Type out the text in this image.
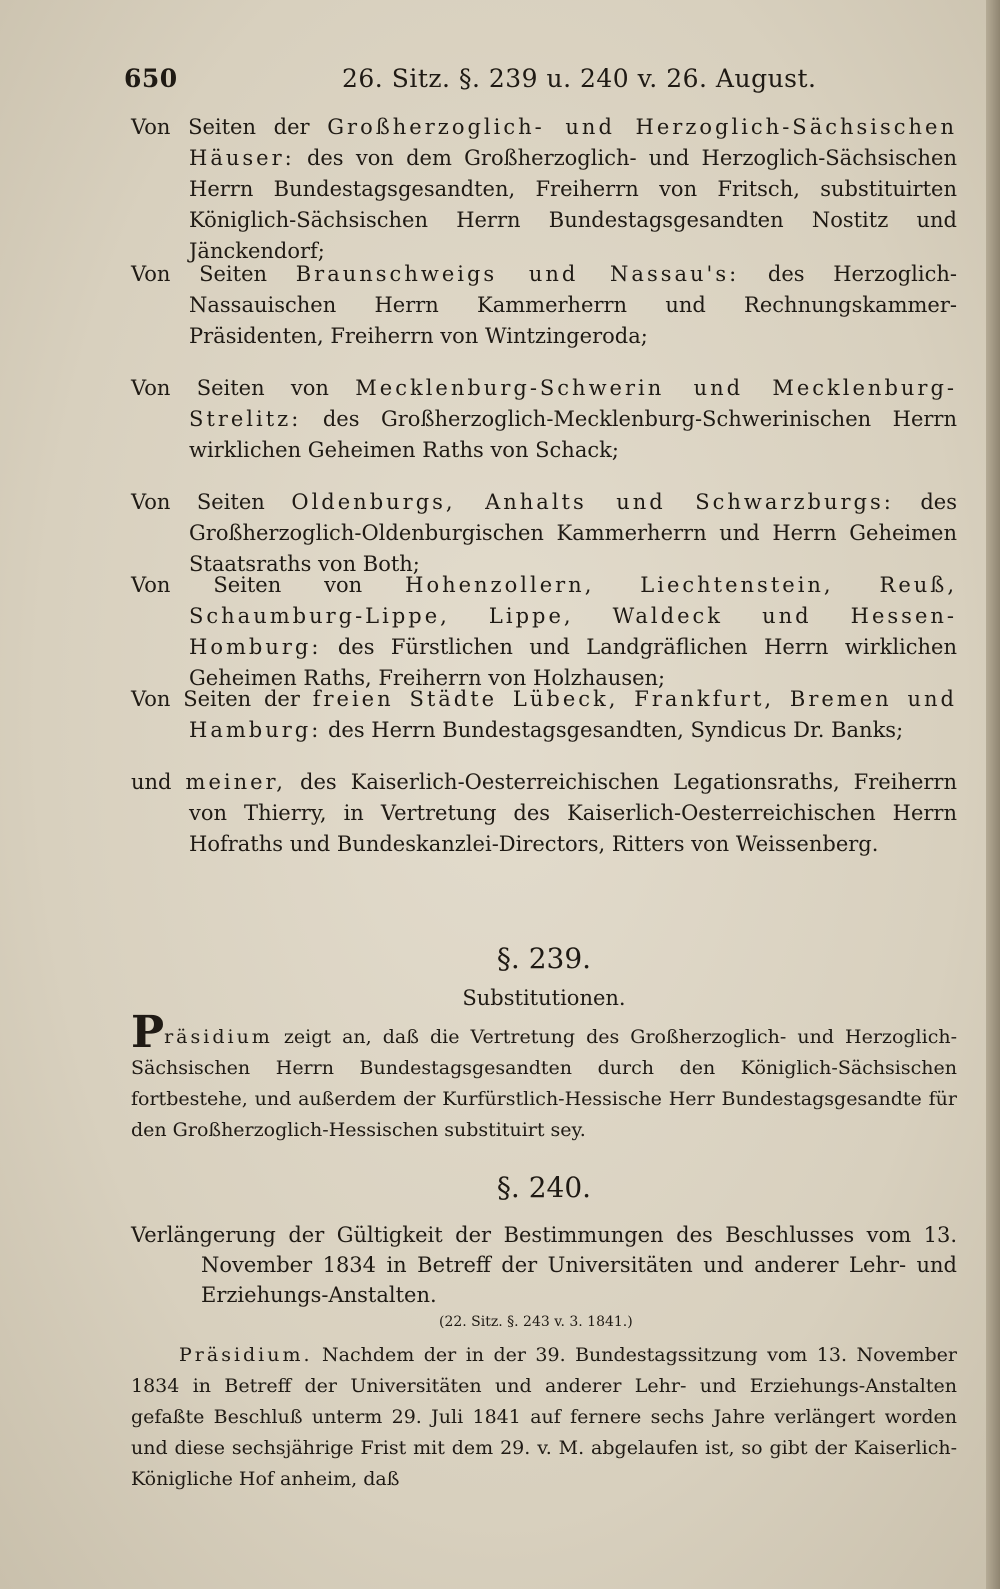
650	26. Sitz. §. 239 u. 240 v. 26. August.

Von Seiten der Großherzoglich- und Herzoglich-Sächsischen Häuser: des von dem Großherzoglich- und Herzoglich-Sächsischen Herrn Bundestagsgesandten, Freiherrn von Fritsch, substituirten Königlich-Sächsischen Herrn Bundestagsgesandten Nostitz und Jänckendorf;

Von Seiten Braunschweigs und Nassau's: des Herzoglich-Nassauischen Herrn Kammerherrn und Rechnungskammer-Präsidenten, Freiherrn von Wintzingeroda;

Von Seiten von Mecklenburg-Schwerin und Mecklenburg-Strelitz: des Großherzoglich-Mecklenburg-Schwerinischen Herrn wirklichen Geheimen Raths von Schack;

Von Seiten Oldenburgs, Anhalts und Schwarzburgs: des Großherzoglich-Oldenburgischen Kammerherrn und Herrn Geheimen Staatsraths von Both;

Von Seiten von Hohenzollern, Liechtenstein, Reuß, Schaumburg-Lippe, Lippe, Waldeck und Hessen-Homburg: des Fürstlichen und Landgräflichen Herrn wirklichen Geheimen Raths, Freiherrn von Holzhausen;

Von Seiten der freien Städte Lübeck, Frankfurt, Bremen und Hamburg: des Herrn Bundestagsgesandten, Syndicus Dr. Banks;

und meiner, des Kaiserlich-Oesterreichischen Legationsraths, Freiherrn von Thierry, in Vertretung des Kaiserlich-Oesterreichischen Herrn Hofraths und Bundeskanzlei-Directors, Ritters von Weissenberg.

§. 239.

Substitutionen.

Präsidium zeigt an, daß die Vertretung des Großherzoglich- und Herzoglich-Sächsischen Herrn Bundestagsgesandten durch den Königlich-Sächsischen fortbestehe, und außerdem der Kurfürstlich-Hessische Herr Bundestagsgesandte für den Großherzoglich-Hessischen substituirt sey.

§. 240.

Verlängerung der Gültigkeit der Bestimmungen des Beschlusses vom 13. November 1834 in Betreff der Universitäten und anderer Lehr- und Erziehungs-Anstalten.

(22. Sitz. §. 243 v. 3. 1841.)

Präsidium. Nachdem der in der 39. Bundestagssitzung vom 13. November 1834 in Betreff der Universitäten und anderer Lehr- und Erziehungs-Anstalten gefaßte Beschluß unterm 29. Juli 1841 auf fernere sechs Jahre verlängert worden und diese sechsjährige Frist mit dem 29. v. M. abgelaufen ist, so gibt der Kaiserlich-Königliche Hof anheim, daß
